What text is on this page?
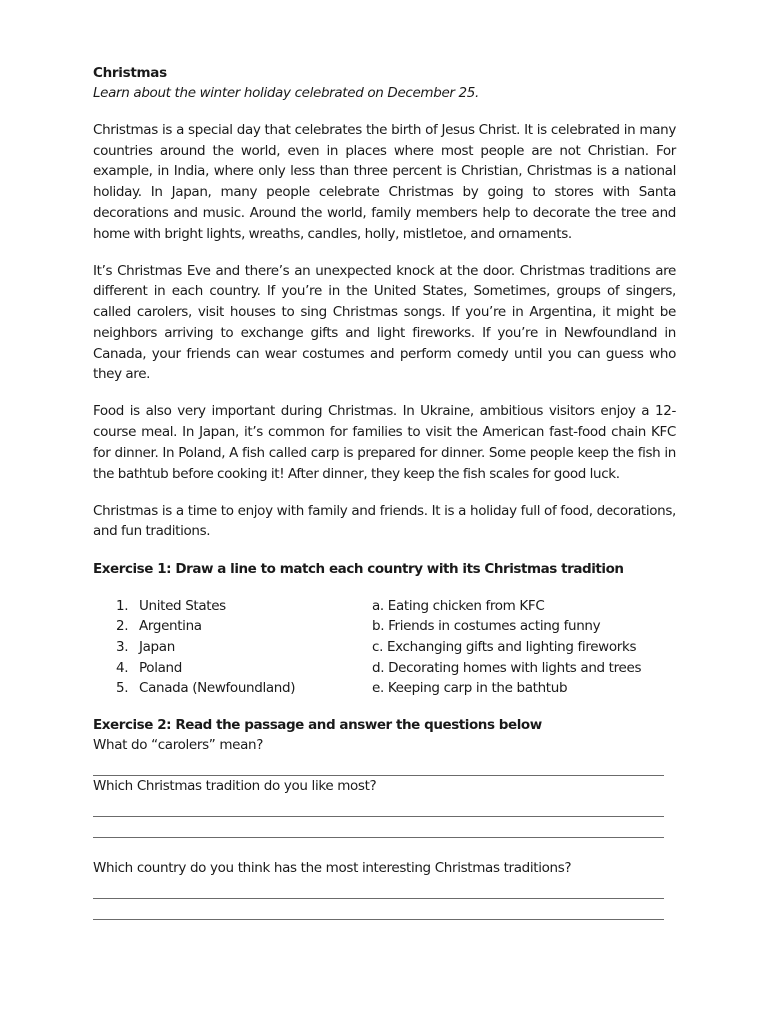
Christmas

Learn about the winter holiday celebrated on December 25.

Christmas is a special day that celebrates the birth of Jesus Christ. It is celebrated in many countries around the world, even in places where most people are not Christian. For example, in India, where only less than three percent is Christian, Christmas is a national holiday. In Japan, many people celebrate Christmas by going to stores with Santa decorations and music. Around the world, family members help to decorate the tree and home with bright lights, wreaths, candles, holly, mistletoe, and ornaments.

It’s Christmas Eve and there’s an unexpected knock at the door. Christmas traditions are different in each country. If you’re in the United States, Sometimes, groups of singers, called carolers, visit houses to sing Christmas songs. If you’re in Argentina, it might be neighbors arriving to exchange gifts and light fireworks. If you’re in Newfoundland in Canada, your friends can wear costumes and perform comedy until you can guess who they are.

Food is also very important during Christmas. In Ukraine, ambitious visitors enjoy a 12-course meal. In Japan, it’s common for families to visit the American fast-food chain KFC for dinner. In Poland, A fish called carp is prepared for dinner. Some people keep the fish in the bathtub before cooking it! After dinner, they keep the fish scales for good luck.

Christmas is a time to enjoy with family and friends. It is a holiday full of food, decorations, and fun traditions.

Exercise 1: Draw a line to match each country with its Christmas tradition

1. United States	a. Eating chicken from KFC
2. Argentina	b. Friends in costumes acting funny
3. Japan	c. Exchanging gifts and lighting fireworks
4. Poland	d. Decorating homes with lights and trees
5. Canada (Newfoundland)	e. Keeping carp in the bathtub

Exercise 2: Read the passage and answer the questions below

What do “carolers” mean?

Which Christmas tradition do you like most?

Which country do you think has the most interesting Christmas traditions?
